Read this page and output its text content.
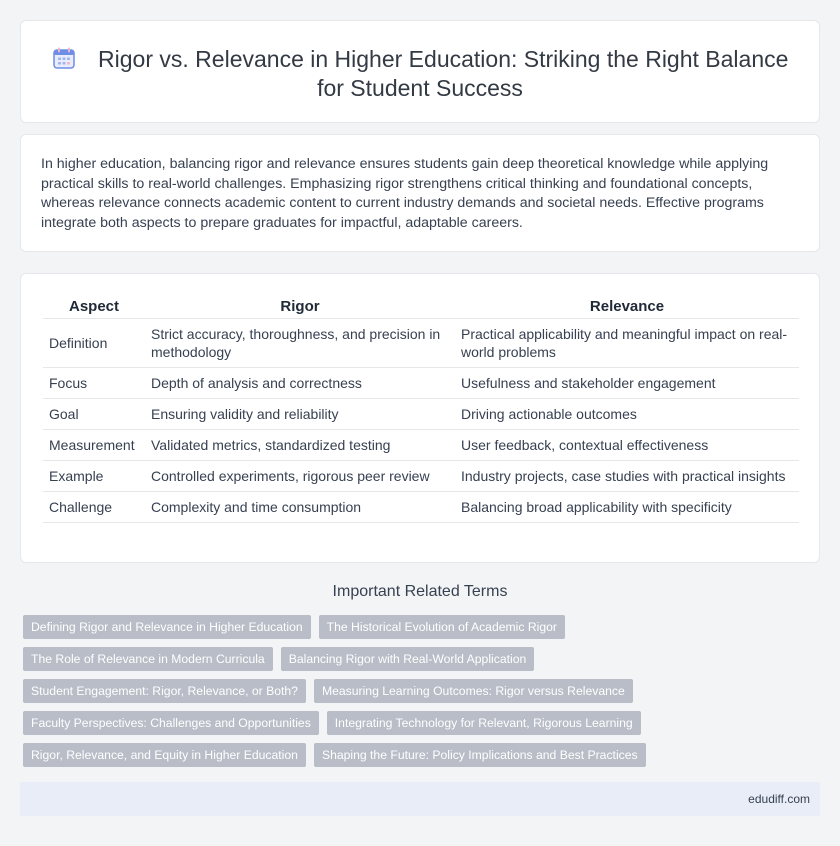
Rigor vs. Relevance in Higher Education: Striking the Right Balance for Student Success

In higher education, balancing rigor and relevance ensures students gain deep theoretical knowledge while applying practical skills to real-world challenges. Emphasizing rigor strengthens critical thinking and foundational concepts, whereas relevance connects academic content to current industry demands and societal needs. Effective programs integrate both aspects to prepare graduates for impactful, adaptable careers.

Aspect	Rigor	Relevance
Definition	Strict accuracy, thoroughness, and precision in methodology	Practical applicability and meaningful impact on real-world problems
Focus	Depth of analysis and correctness	Usefulness and stakeholder engagement
Goal	Ensuring validity and reliability	Driving actionable outcomes
Measurement	Validated metrics, standardized testing	User feedback, contextual effectiveness
Example	Controlled experiments, rigorous peer review	Industry projects, case studies with practical insights
Challenge	Complexity and time consumption	Balancing broad applicability with specificity
Important Related Terms
Defining Rigor and Relevance in Higher Education	The Historical Evolution of Academic Rigor
The Role of Relevance in Modern Curricula	Balancing Rigor with Real-World Application
Student Engagement: Rigor, Relevance, or Both?	Measuring Learning Outcomes: Rigor versus Relevance
Faculty Perspectives: Challenges and Opportunities	Integrating Technology for Relevant, Rigorous Learning
Rigor, Relevance, and Equity in Higher Education	Shaping the Future: Policy Implications and Best Practices
edudiff.com
